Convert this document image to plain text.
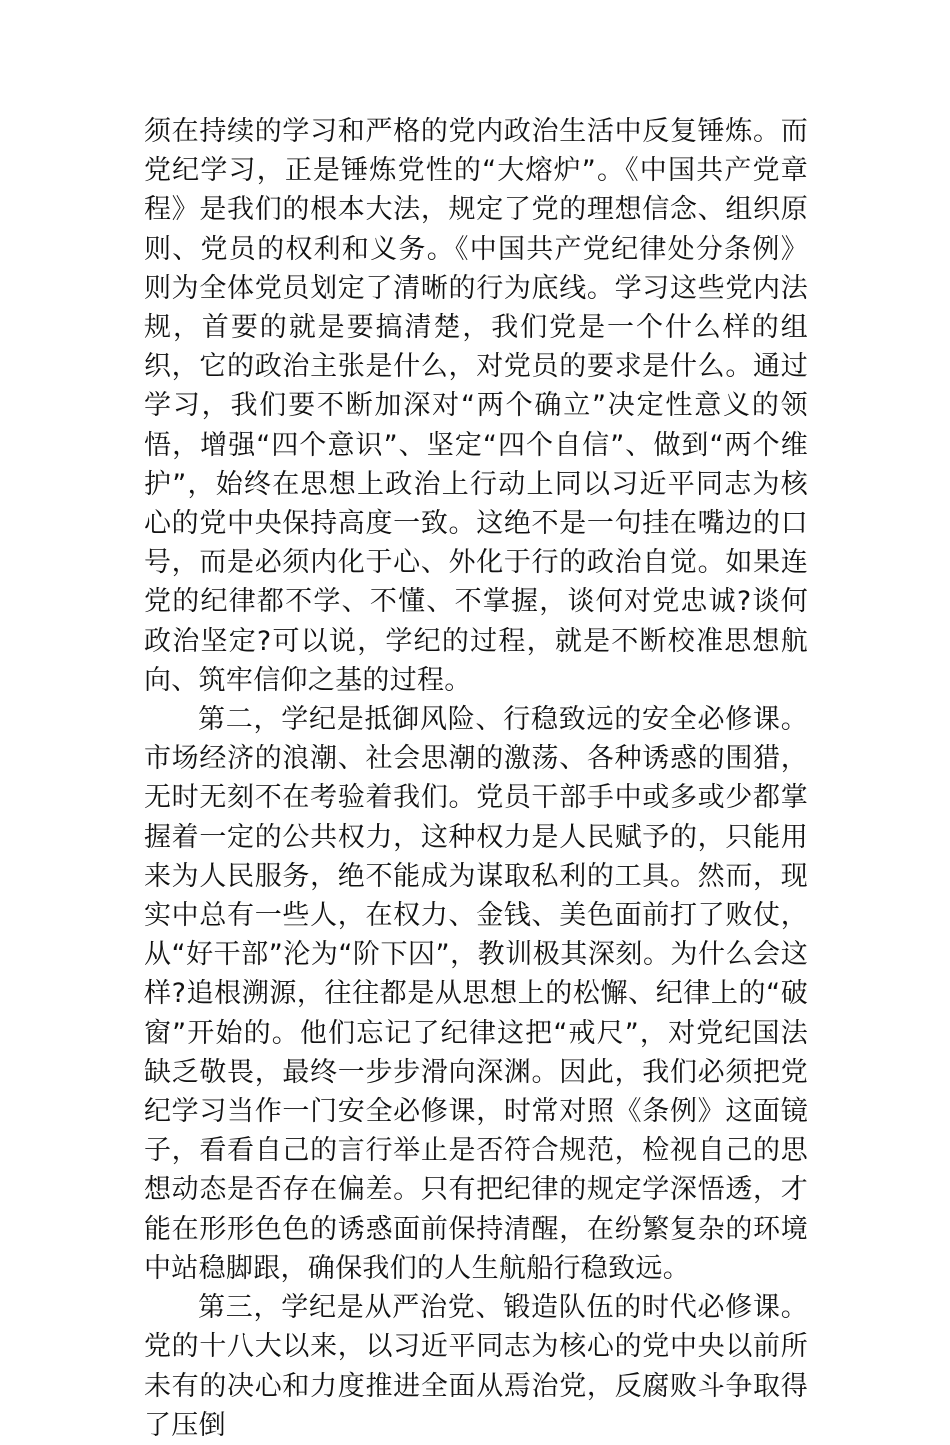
须在持续的学习和严格的党内政治生活中反复锤炼。而党纪学习，正是锤炼党性的“大熔炉”。《中国共产党章程》是我们的根本大法，规定了党的理想信念、组织原则、党员的权利和义务。《中国共产党纪律处分条例》则为全体党员划定了清晰的行为底线。学习这些党内法规，首要的就是要搞清楚，我们党是一个什么样的组织，它的政治主张是什么，对党员的要求是什么。通过学习，我们要不断加深对“两个确立”决定性意义的领悟，增强“四个意识”、坚定“四个自信”、做到“两个维护”，始终在思想上政治上行动上同以习近平同志为核心的党中央保持高度一致。这绝不是一句挂在嘴边的口号，而是必须内化于心、外化于行的政治自觉。如果连党的纪律都不学、不懂、不掌握，谈何对党忠诚?谈何政治坚定?可以说，学纪的过程，就是不断校准思想航向、筑牢信仰之基的过程。

第二，学纪是抵御风险、行稳致远的安全必修课。市场经济的浪潮、社会思潮的激荡、各种诱惑的围猎，无时无刻不在考验着我们。党员干部手中或多或少都掌握着一定的公共权力，这种权力是人民赋予的，只能用来为人民服务，绝不能成为谋取私利的工具。然而，现实中总有一些人，在权力、金钱、美色面前打了败仗，从“好干部”沦为“阶下囚”，教训极其深刻。为什么会这样?追根溯源，往往都是从思想上的松懈、纪律上的“破窗”开始的。他们忘记了纪律这把“戒尺”，对党纪国法缺乏敬畏，最终一步步滑向深渊。因此，我们必须把党纪学习当作一门安全必修课，时常对照《条例》这面镜子，看看自己的言行举止是否符合规范，检视自己的思想动态是否存在偏差。只有把纪律的规定学深悟透，才能在形形色色的诱惑面前保持清醒，在纷繁复杂的环境中站稳脚跟，确保我们的人生航船行稳致远。

第三，学纪是从严治党、锻造队伍的时代必修课。党的十八大以来，以习近平同志为核心的党中央以前所未有的决心和力度推进全面从焉治党，反腐败斗争取得了压倒
